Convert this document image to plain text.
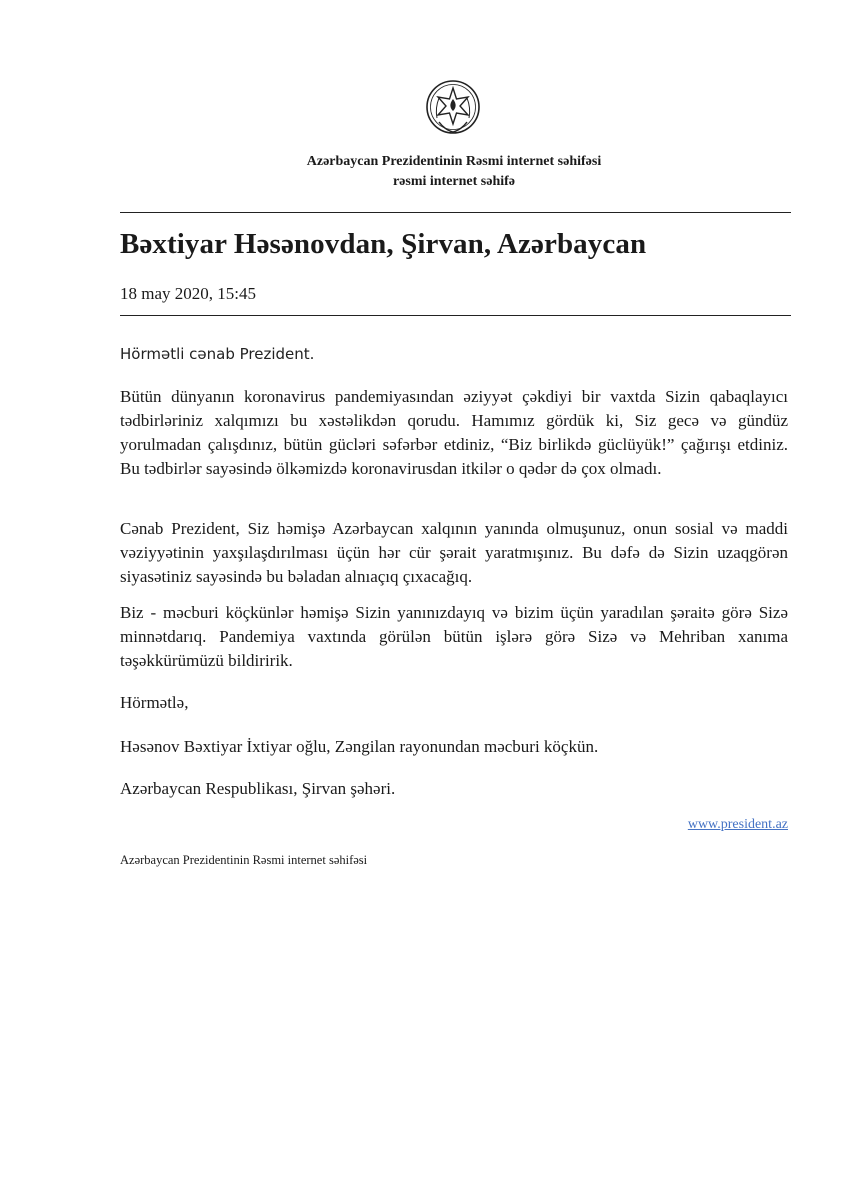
Azərbaycan Prezidentinin Rəsmi internet səhifəsi
rəsmi internet səhifə
Bəxtiyar Həsənovdan, Şirvan, Azərbaycan
18 may 2020, 15:45
Hörmətli cənab Prezident.

Bütün dünyanın koronavirus pandemiyasından əziyyət çəkdiyi bir vaxtda Sizin qabaqlayıcı tədbirləriniz xalqımızı bu xəstəlikdən qorudu. Hamımız gördük ki, Siz gecə və gündüz yorulmadan çalışdınız, bütün gücləri səfərbər etdiniz, “Biz birlikdə güclüyük!” çağırışı etdiniz. Bu tədbirlər sayəsində ölkəmizdə koronavirusdan itkilər o qədər də çox olmadı.

Cənab Prezident, Siz həmişə Azərbaycan xalqının yanında olmuşunuz, onun sosial və maddi vəziyyətinin yaxşılaşdırılması üçün hər cür şərait yaratmışınız. Bu dəfə də Sizin uzaqgörən siyasətiniz sayəsində bu bəladan alnıaçıq çıxacağıq.

Biz - məcburi köçkünlər həmişə Sizin yanınızdayıq və bizim üçün yaradılan şəraitə görə Sizə minnətdarıq. Pandemiya vaxtında görülən bütün işlərə görə Sizə və Mehriban xanıma təşəkkürümüzü bildiririk.

Hörmətlə,

Həsənov Bəxtiyar İxtiyar oğlu, Zəngilan rayonundan məcburi köçkün.

Azərbaycan Respublikası, Şirvan şəhəri.

www.president.az
Azərbaycan Prezidentinin Rəsmi internet səhifəsi
